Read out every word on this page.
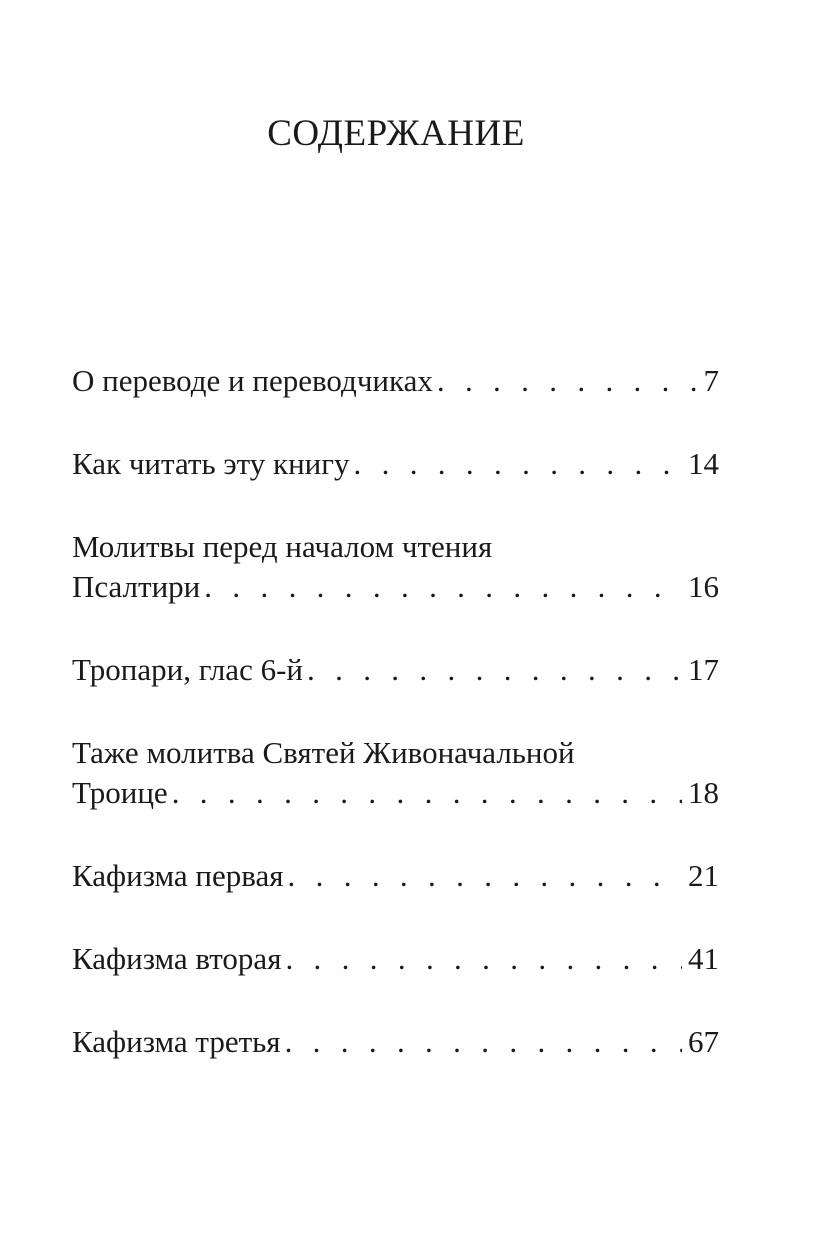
СОДЕРЖАНИЕ
О переводе и переводчиках . . .	7
Как читать эту книгу . . .	14
Молитвы перед началом чтения
Псалтири . . .	16
Тропари, глас 6-й . . .	17
Таже молитва Святей Живоначальной
Троице . . .	18
Кафизма первая . . .	21
Кафизма вторая . . .	41
Кафизма третья . . .	67
